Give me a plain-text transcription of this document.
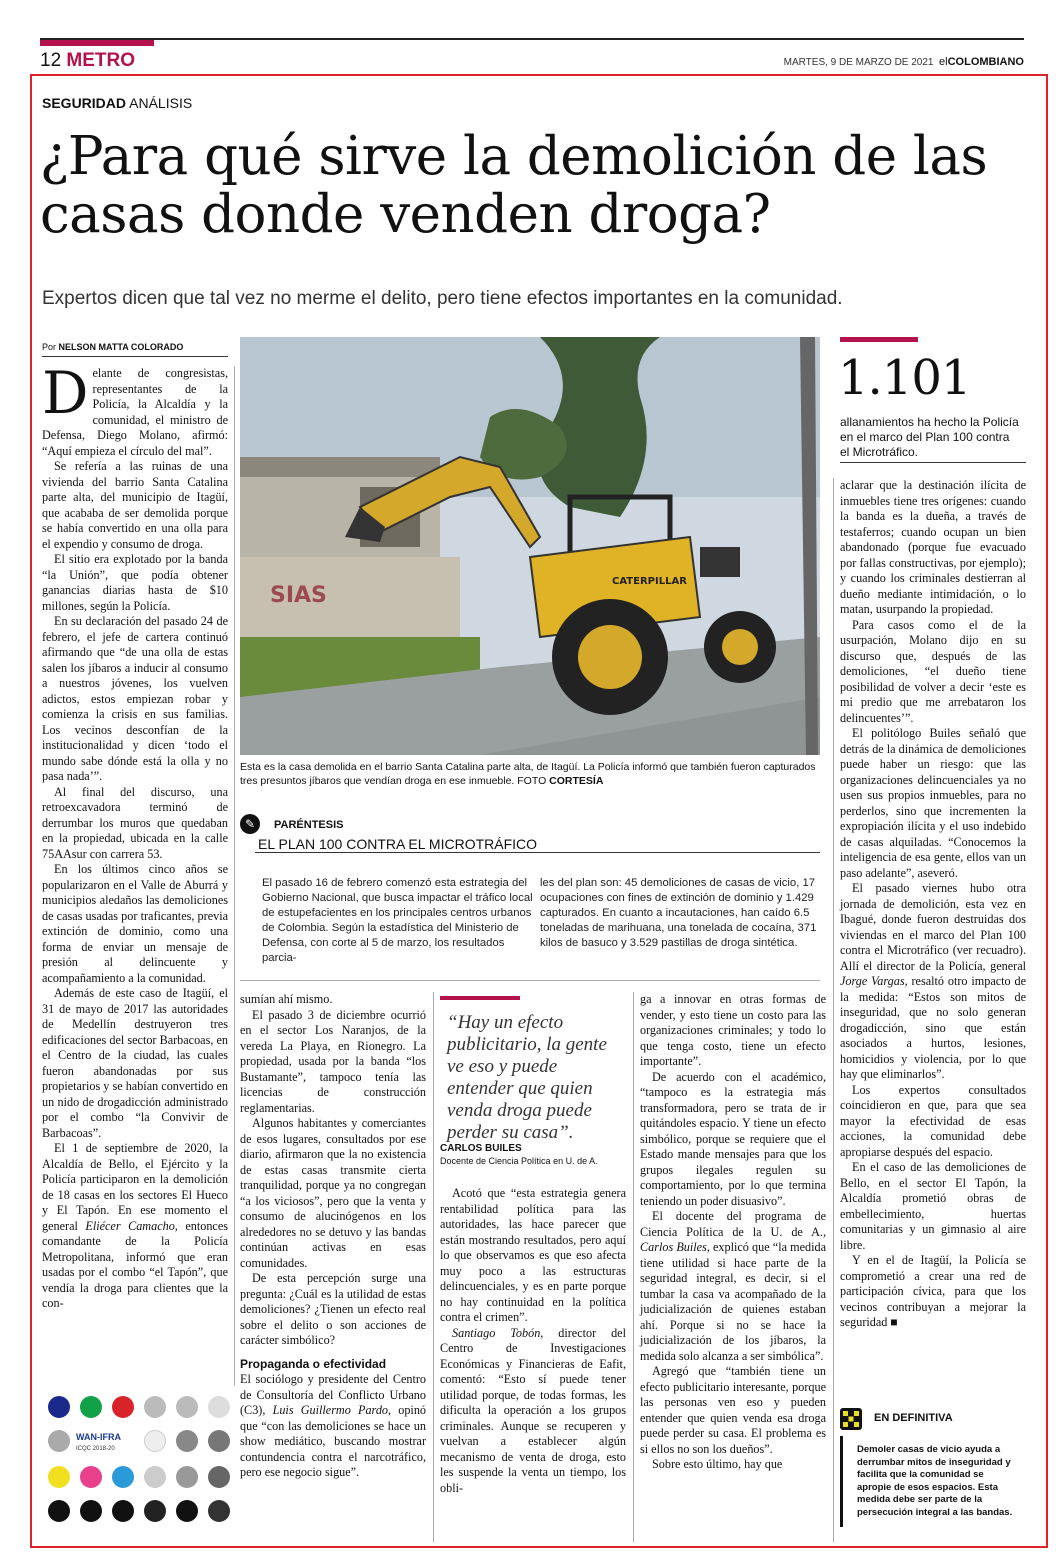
12 METRO	MARTES, 9 DE MARZO DE 2021 elCOLOMBIANO
SEGURIDAD ANÁLISIS
¿Para qué sirve la demolición de las casas donde venden droga?
Expertos dicen que tal vez no merme el delito, pero tiene efectos importantes en la comunidad.
Por NELSON MATTA COLORADO

Delante de congresistas, representantes de la Policía, la Alcaldía y la comunidad, el ministro de Defensa, Diego Molano, afirmó: “Aquí empieza el círculo del mal”.

Se refería a las ruinas de una vivienda del barrio Santa Catalina parte alta, del municipio de Itagüí, que acababa de ser demolida porque se había convertido en una olla para el expendio y consumo de droga.

El sitio era explotado por la banda “la Unión”, que podía obtener ganancias diarias hasta de $10 millones, según la Policía.

En su declaración del pasado 24 de febrero, el jefe de cartera continuó afirmando que “de una olla de estas salen los jíbaros a inducir al consumo a nuestros jóvenes, los vuelven adictos, estos empiezan robar y comienza la crisis en sus familias. Los vecinos desconfían de la institucionalidad y dicen ‘todo el mundo sabe dónde está la olla y no pasa nada’”.

Al final del discurso, una retroexcavadora terminó de derrumbar los muros que quedaban en la propiedad, ubicada en la calle 75AAsur con carrera 53.

En los últimos cinco años se popularizaron en el Valle de Aburrá y municipios aledaños las demoliciones de casas usadas por traficantes, previa extinción de dominio, como una forma de enviar un mensaje de presión al delincuente y acompañamiento a la comunidad.

Además de este caso de Itagüí, el 31 de mayo de 2017 las autoridades de Medellín destruyeron tres edificaciones del sector Barbacoas, en el Centro de la ciudad, las cuales fueron abandonadas por sus propietarios y se habían convertido en un nido de drogadicción administrado por el combo “la Convivir de Barbacoas”.

El 1 de septiembre de 2020, la Alcaldía de Bello, el Ejército y la Policía participaron en la demolición de 18 casas en los sectores El Hueco y El Tapón. En ese momento el general Eliécer Camacho, entonces comandante de la Policía Metropolitana, informó que eran usadas por el combo “el Tapón”, que vendía la droga para clientes que la con-

SIAS
CATERPILLAR
Esta es la casa demolida en el barrio Santa Catalina parte alta, de Itagüí. La Policía informó que también fueron capturados tres presuntos jíbaros que vendían droga en ese inmueble. FOTO CORTESÍA
1.101
allanamientos ha hecho la Policía en el marco del Plan 100 contra el Microtráfico.

aclarar que la destinación ilícita de inmuebles tiene tres orígenes: cuando la banda es la dueña, a través de testaferros; cuando ocupan un bien abandonado (porque fue evacuado por fallas constructivas, por ejemplo); y cuando los criminales destierran al dueño mediante intimidación, o lo matan, usurpando la propiedad.

Para casos como el de la usurpación, Molano dijo en su discurso que, después de las demoliciones, “el dueño tiene posibilidad de volver a decir ‘este es mi predio que me arrebataron los delincuentes’”.

El politólogo Builes señaló que detrás de la dinámica de demoliciones puede haber un riesgo: que las organizaciones delincuenciales ya no usen sus propios inmuebles, para no perderlos, sino que incrementen la expropiación ilícita y el uso indebido de casas alquiladas. “Conocemos la inteligencia de esa gente, ellos van un paso adelante”, aseveró.

El pasado viernes hubo otra jornada de demolición, esta vez en Ibagué, donde fueron destruidas dos viviendas en el marco del Plan 100 contra el Microtráfico (ver recuadro). Allí el director de la Policía, general Jorge Vargas, resaltó otro impacto de la medida: “Estos son mitos de inseguridad, que no solo generan drogadicción, sino que están asociados a hurtos, lesiones, homicidios y violencia, por lo que hay que eliminarlos”.

Los expertos consultados coincidieron en que, para que sea mayor la efectividad de esas acciones, la comunidad debe apropiarse después del espacio.

En el caso de las demoliciones de Bello, en el sector El Tapón, la Alcaldía prometió obras de embellecimiento, huertas comunitarias y un gimnasio al aire libre.

Y en el de Itagüí, la Policía se comprometió a crear una red de participación cívica, para que los vecinos contribuyan a mejorar la seguridad ■

✎	PARÉNTESIS
EL PLAN 100 CONTRA EL MICROTRÁFICO
El pasado 16 de febrero comenzó esta estrategia del Gobierno Nacional, que busca impactar el tráfico local de estupefacientes en los principales centros urbanos de Colombia. Según la estadística del Ministerio de Defensa, con corte al 5 de marzo, los resultados parcia-
les del plan son: 45 demoliciones de casas de vicio, 17 ocupaciones con fines de extinción de dominio y 1.429 capturados. En cuanto a incautaciones, han caído 6.5 toneladas de marihuana, una tonelada de cocaína, 371 kilos de basuco y 3.529 pastillas de droga sintética.

sumían ahí mismo.

El pasado 3 de diciembre ocurrió en el sector Los Naranjos, de la vereda La Playa, en Rionegro. La propiedad, usada por la banda “los Bustamante”, tampoco tenía las licencias de construcción reglamentarias.

Algunos habitantes y comerciantes de esos lugares, consultados por ese diario, afirmaron que la no existencia de estas casas transmite cierta tranquilidad, porque ya no congregan “a los viciosos”, pero que la venta y consumo de alucinógenos en los alrededores no se detuvo y las bandas continúan activas en esas comunidades.

De esta percepción surge una pregunta: ¿Cuál es la utilidad de estas demoliciones? ¿Tienen un efecto real sobre el delito o son acciones de carácter simbólico?

Propaganda o efectividad

El sociólogo y presidente del Centro de Consultoría del Conflicto Urbano (C3), Luis Guillermo Pardo, opinó que “con las demoliciones se hace un show mediático, buscando mostrar contundencia contra el narcotráfico, pero ese negocio sigue”.

“Hay un efecto publicitario, la gente ve eso y puede entender que quien venda droga puede perder su casa”.
CARLOS BUILES
Docente de Ciencia Política en U. de A.

Acotó que “esta estrategia genera rentabilidad política para las autoridades, las hace parecer que están mostrando resultados, pero aquí lo que observamos es que eso afecta muy poco a las estructuras delincuenciales, y es en parte porque no hay continuidad en la política contra el crimen”.

Santiago Tobón, director del Centro de Investigaciones Económicas y Financieras de Eafit, comentó: “Esto sí puede tener utilidad porque, de todas formas, les dificulta la operación a los grupos criminales. Aunque se recuperen y vuelvan a establecer algún mecanismo de venta de droga, esto les suspende la venta un tiempo, los obli-

ga a innovar en otras formas de vender, y esto tiene un costo para las organizaciones criminales; y todo lo que tenga costo, tiene un efecto importante”.

De acuerdo con el académico, “tampoco es la estrategia más transformadora, pero se trata de ir quitándoles espacio. Y tiene un efecto simbólico, porque se requiere que el Estado mande mensajes para que los grupos ilegales regulen su comportamiento, por lo que termina teniendo un poder disuasivo”.

El docente del programa de Ciencia Política de la U. de A., Carlos Builes, explicó que “la medida tiene utilidad si hace parte de la seguridad integral, es decir, si el tumbar la casa va acompañado de la judicialización de quienes estaban ahí. Porque si no se hace la judicialización de los jíbaros, la medida solo alcanza a ser simbólica”.

Agregó que “también tiene un efecto publicitario interesante, porque las personas ven eso y pueden entender que quien venda esa droga puede perder su casa. El problema es si ellos no son los dueños”.

Sobre esto último, hay que

EN DEFINITIVA
Demoler casas de vicio ayuda a derrumbar mitos de inseguridad y facilita que la comunidad se apropie de esos espacios. Esta medida debe ser parte de la persecución integral a las bandas.
WAN-IFRA
ICQC 2018-20
